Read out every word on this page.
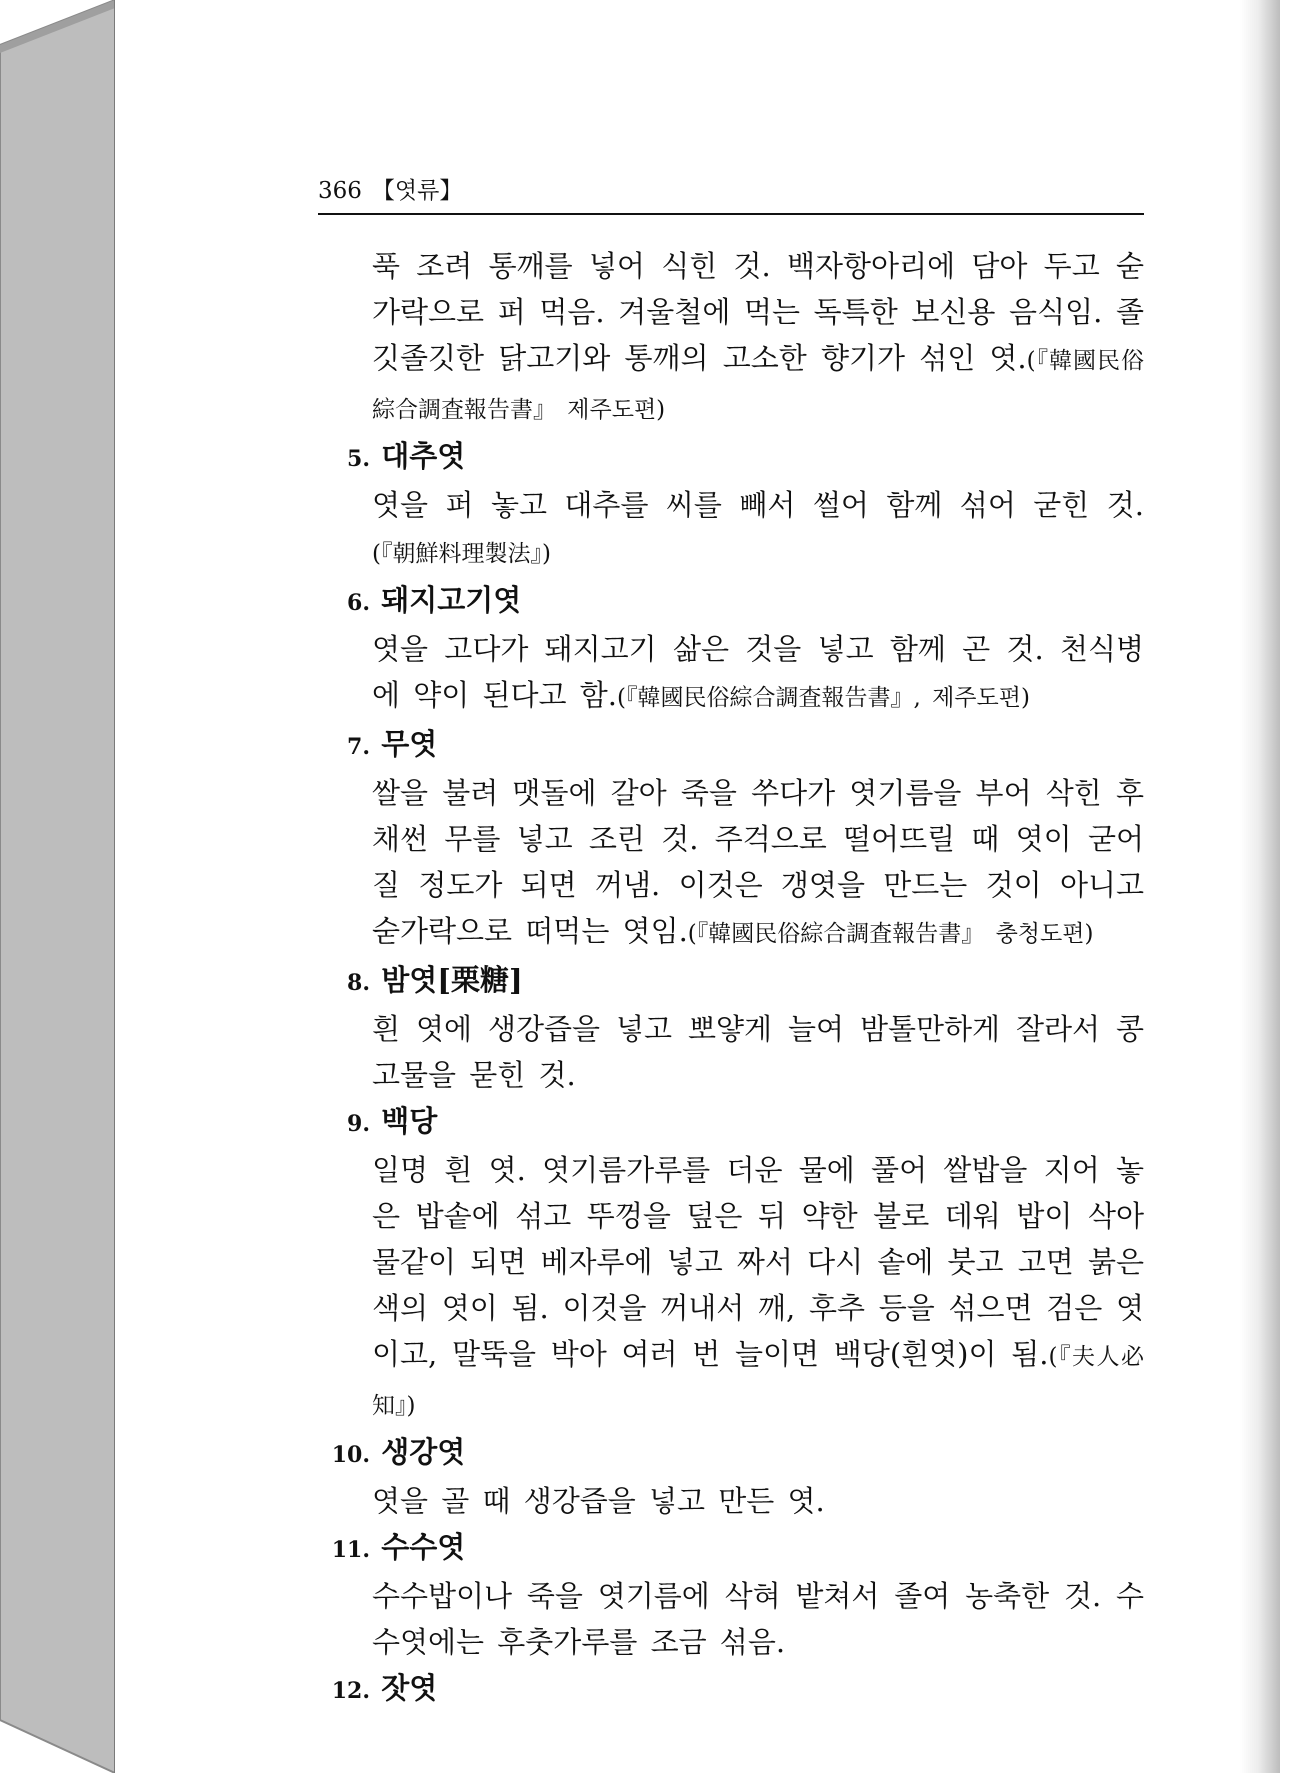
366 【엿류】

푹 조려 통깨를 넣어 식힌 것. 백자항아리에 담아 두고 숟가락으로 퍼 먹음. 겨울철에 먹는 독특한 보신용 음식임. 졸깃졸깃한 닭고기와 통깨의 고소한 향기가 섞인 엿.(『韓國民俗綜合調査報告書』 제주도편)

5. 대추엿

엿을 퍼 놓고 대추를 씨를 빼서 썰어 함께 섞어 굳힌 것.(『朝鮮料理製法』)

6. 돼지고기엿

엿을 고다가 돼지고기 삶은 것을 넣고 함께 곤 것. 천식병에 약이 된다고 함.(『韓國民俗綜合調査報告書』, 제주도편)

7. 무엿

쌀을 불려 맷돌에 갈아 죽을 쑤다가 엿기름을 부어 삭힌 후 채썬 무를 넣고 조린 것. 주걱으로 떨어뜨릴 때 엿이 굳어질 정도가 되면 꺼냄. 이것은 갱엿을 만드는 것이 아니고 숟가락으로 떠먹는 엿임.(『韓國民俗綜合調査報告書』 충청도편)

8. 밤엿[栗糖]

흰 엿에 생강즙을 넣고 뽀얗게 늘여 밤톨만하게 잘라서 콩고물을 묻힌 것.

9. 백당

일명 흰 엿. 엿기름가루를 더운 물에 풀어 쌀밥을 지어 놓은 밥솥에 섞고 뚜껑을 덮은 뒤 약한 불로 데워 밥이 삭아 물같이 되면 베자루에 넣고 짜서 다시 솥에 붓고 고면 붉은색의 엿이 됨. 이것을 꺼내서 깨, 후추 등을 섞으면 검은 엿이고, 말뚝을 박아 여러 번 늘이면 백당(흰엿)이 됨.(『夫人必知』)

10. 생강엿

엿을 골 때 생강즙을 넣고 만든 엿.

11. 수수엿

수수밥이나 죽을 엿기름에 삭혀 밭쳐서 졸여 농축한 것. 수수엿에는 후춧가루를 조금 섞음.

12. 잣엿
